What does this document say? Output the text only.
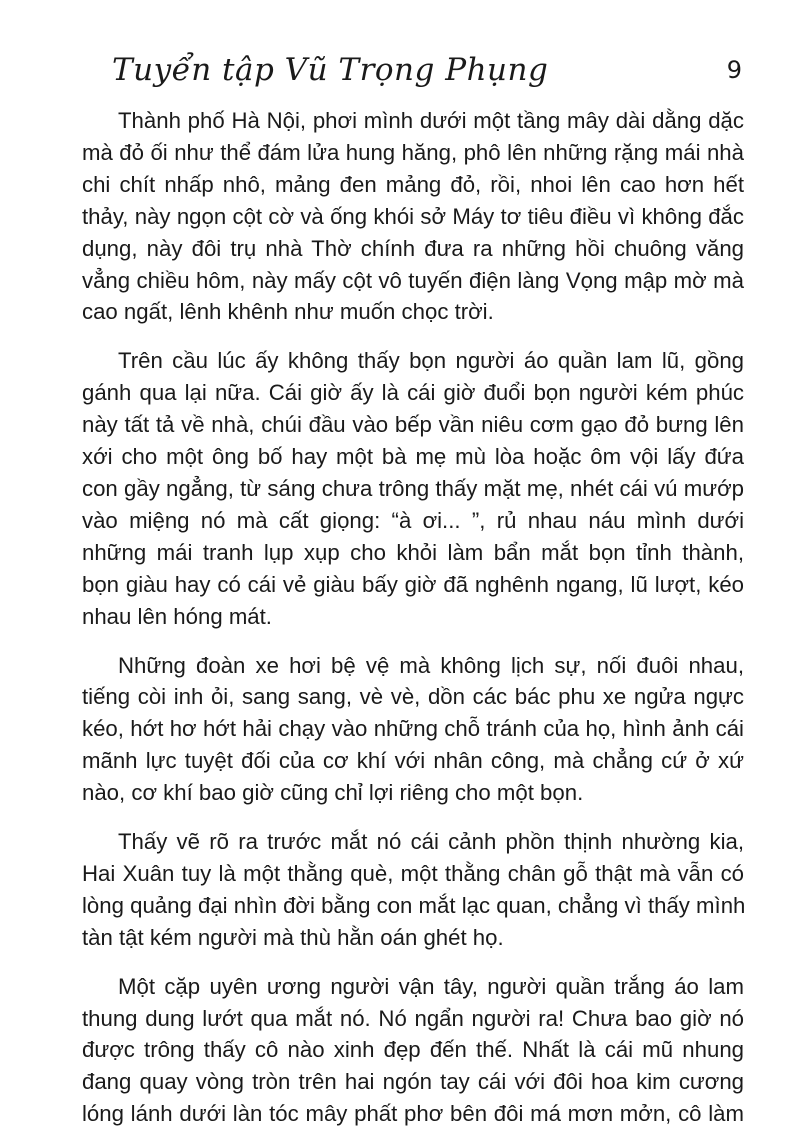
Tuyển tập Vũ Trọng Phụng	9
Thành phố Hà Nội, phơi mình dưới một tầng mây dài dằng dặc
mà đỏ ối như thể đám lửa hung hăng, phô lên những rặng mái nhà
chi chít nhấp nhô, mảng đen mảng đỏ, rồi, nhoi lên cao hơn hết
thảy, này ngọn cột cờ và ống khói sở Máy tơ tiêu điều vì không đắc
dụng, này đôi trụ nhà Thờ chính đưa ra những hồi chuông văng
vẳng chiều hôm, này mấy cột vô tuyến điện làng Vọng mập mờ mà
cao ngất, lênh khênh như muốn chọc trời.
Trên cầu lúc ấy không thấy bọn người áo quần lam lũ, gồng
gánh qua lại nữa. Cái giờ ấy là cái giờ đuổi bọn người kém phúc
này tất tả về nhà, chúi đầu vào bếp vần niêu cơm gạo đỏ bưng lên
xới cho một ông bố hay một bà mẹ mù lòa hoặc ôm vội lấy đứa
con gầy ngẳng, từ sáng chưa trông thấy mặt mẹ, nhét cái vú mướp
vào miệng nó mà cất giọng: “à ơi... ”, rủ nhau náu mình dưới
những mái tranh lụp xụp cho khỏi làm bẩn mắt bọn tỉnh thành,
bọn giàu hay có cái vẻ giàu bấy giờ đã nghênh ngang, lũ lượt, kéo
nhau lên hóng mát.
Những đoàn xe hơi bệ vệ mà không lịch sự, nối đuôi nhau,
tiếng còi inh ỏi, sang sang, vè vè, dồn các bác phu xe ngửa ngực
kéo, hớt hơ hớt hải chạy vào những chỗ tránh của họ, hình ảnh cái
mãnh lực tuyệt đối của cơ khí với nhân công, mà chẳng cứ ở xứ
nào, cơ khí bao giờ cũng chỉ lợi riêng cho một bọn.
Thấy vẽ rõ ra trước mắt nó cái cảnh phồn thịnh nhường kia,
Hai Xuân tuy là một thằng què, một thằng chân gỗ thật mà vẫn có
lòng quảng đại nhìn đời bằng con mắt lạc quan, chẳng vì thấy mình
tàn tật kém người mà thù hằn oán ghét họ.
Một cặp uyên ương người vận tây, người quần trắng áo lam
thung dung lướt qua mắt nó. Nó ngẩn người ra! Chưa bao giờ nó
được trông thấy cô nào xinh đẹp đến thế. Nhất là cái mũ nhung
đang quay vòng tròn trên hai ngón tay cái với đôi hoa kim cương
lóng lánh dưới làn tóc mây phất phơ bên đôi má mơn mởn, cô làm
